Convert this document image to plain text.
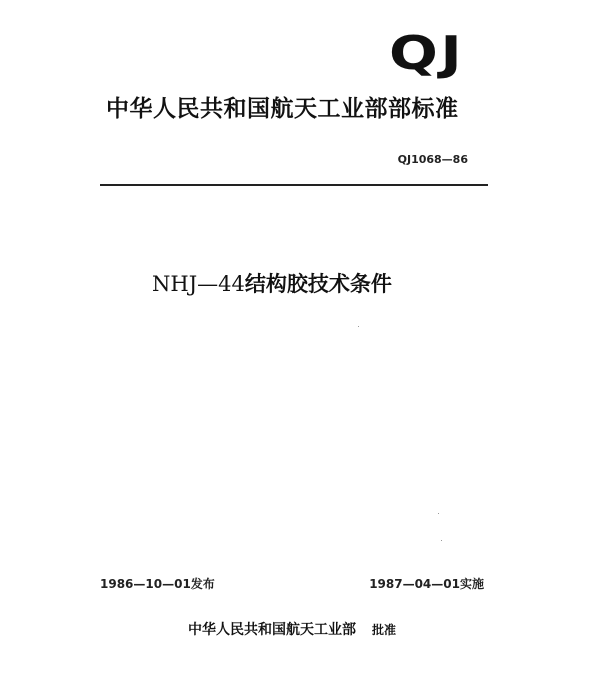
QJ
中华人民共和国航天工业部部标准
QJ1068—86
NHJ—44结构胶技术条件
1986—10—01发布	1987—04—01实施
中华人民共和国航天工业部 批准
